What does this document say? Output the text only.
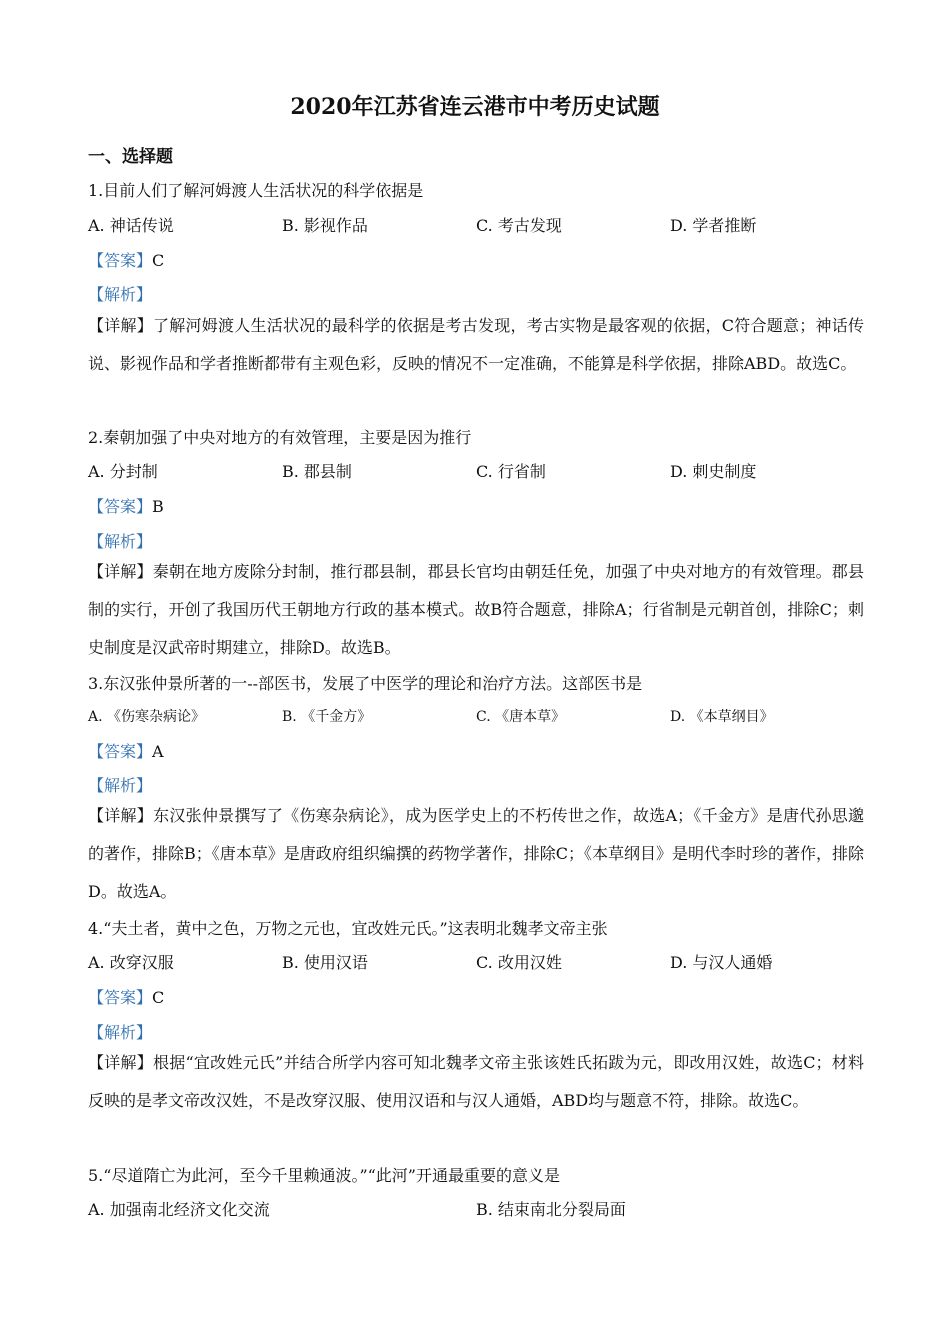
2020年江苏省连云港市中考历史试题
一、选择题
1.目前人们了解河姆渡人生活状况的科学依据是
A. 神话传说	B. 影视作品	C. 考古发现	D. 学者推断
【答案】C
【解析】
【详解】了解河姆渡人生活状况的最科学的依据是考古发现，考古实物是最客观的依据，C符合题意；神话传说、影视作品和学者推断都带有主观色彩，反映的情况不一定准确，不能算是科学依据，排除ABD。故选C。
2.秦朝加强了中央对地方的有效管理，主要是因为推行
A. 分封制	B. 郡县制	C. 行省制	D. 刺史制度
【答案】B
【解析】
【详解】秦朝在地方废除分封制，推行郡县制，郡县长官均由朝廷任免，加强了中央对地方的有效管理。郡县制的实行，开创了我国历代王朝地方行政的基本模式。故B符合题意，排除A；行省制是元朝首创，排除C；刺史制度是汉武帝时期建立，排除D。故选B。
3.东汉张仲景所著的一--部医书，发展了中医学的理论和治疗方法。这部医书是
A. 《伤寒杂病论》	B. 《千金方》	C. 《唐本草》	D. 《本草纲目》
【答案】A
【解析】
【详解】东汉张仲景撰写了《伤寒杂病论》，成为医学史上的不朽传世之作，故选A；《千金方》是唐代孙思邈的著作，排除B；《唐本草》是唐政府组织编撰的药物学著作，排除C；《本草纲目》是明代李时珍的著作，排除D。故选A。
4.“夫土者，黄中之色，万物之元也，宜改姓元氏。”这表明北魏孝文帝主张
A. 改穿汉服	B. 使用汉语	C. 改用汉姓	D. 与汉人通婚
【答案】C
【解析】
【详解】根据“宜改姓元氏”并结合所学内容可知北魏孝文帝主张该姓氏拓跋为元，即改用汉姓，故选C；材料反映的是孝文帝改汉姓，不是改穿汉服、使用汉语和与汉人通婚，ABD均与题意不符，排除。故选C。
5.“尽道隋亡为此河，至今千里赖通波。”“此河”开通最重要的意义是
A. 加强南北经济文化交流	B. 结束南北分裂局面
